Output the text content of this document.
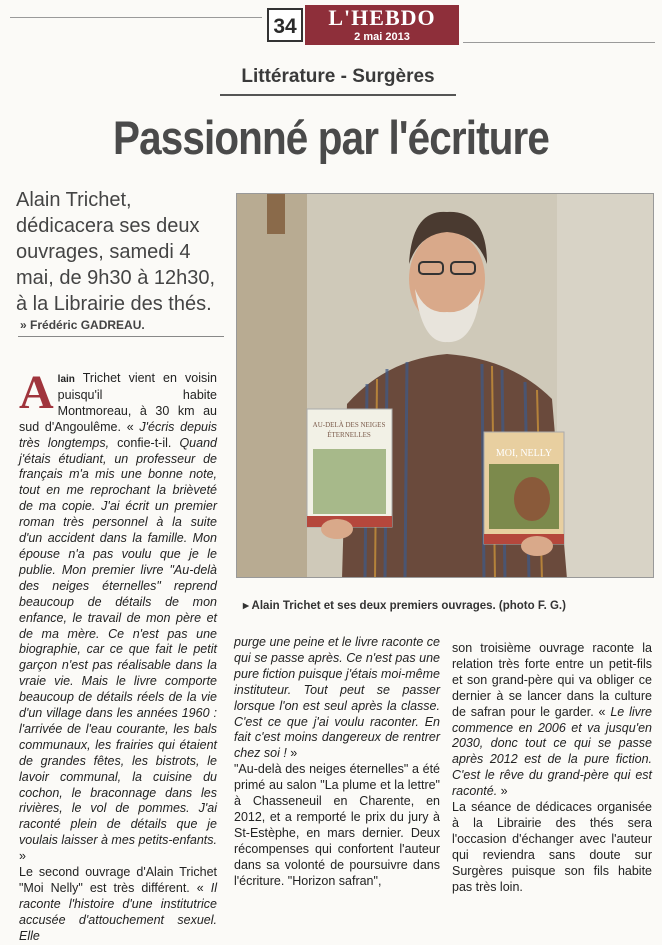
34	L'HEBDO
2 mai 2013
Littérature - Surgères
Passionné par l'écriture
Alain Trichet, dédicacera ses deux ouvrages, samedi 4 mai, de 9h30 à 12h30, à la Librairie des thés.
» Frédéric GADREAU.
AU-DELÀ DES NEIGES
ÉTERNELLES
MOI, NELLY
▸ Alain Trichet et ses deux premiers ouvrages. (photo F. G.)

Alain Trichet vient en voisin puisqu'il habite Montmoreau, à 30 km au sud d'Angoulême. « J'écris depuis très longtemps, confie-t-il. Quand j'étais étudiant, un professeur de français m'a mis une bonne note, tout en me reprochant la brièveté de ma copie. J'ai écrit un premier roman très personnel à la suite d'un accident dans la famille. Mon épouse n'a pas voulu que je le publie. Mon premier livre "Au-delà des neiges éternelles" reprend beaucoup de détails de mon enfance, le travail de mon père et de ma mère. Ce n'est pas une biographie, car ce que fait le petit garçon n'est pas réalisable dans la vraie vie. Mais le livre comporte beaucoup de détails réels de la vie d'un village dans les années 1960 : l'arrivée de l'eau courante, les bals communaux, les frairies qui étaient de grandes fêtes, les bistrots, le lavoir communal, la cuisine du cochon, le braconnage dans les rivières, le vol de pommes. J'ai raconté plein de détails que je voulais laisser à mes petits-enfants. »

Le second ouvrage d'Alain Trichet "Moi Nelly" est très différent. « Il raconte l'histoire d'une institutrice accusée d'attouchement sexuel. Elle

purge une peine et le livre raconte ce qui se passe après. Ce n'est pas une pure fiction puisque j'étais moi-même instituteur. Tout peut se passer lorsque l'on est seul après la classe. C'est ce que j'ai voulu raconter. En fait c'est moins dangereux de rentrer chez soi ! »

"Au-delà des neiges éternelles" a été primé au salon "La plume et la lettre" à Chasseneuil en Charente, en 2012, et a remporté le prix du jury à St-Estèphe, en mars dernier. Deux récompenses qui confortent l'auteur dans sa volonté de poursuivre dans l'écriture. "Horizon safran",

son troisième ouvrage raconte la relation très forte entre un petit-fils et son grand-père qui va obliger ce dernier à se lancer dans la culture de safran pour le garder. « Le livre commence en 2006 et va jusqu'en 2030, donc tout ce qui se passe après 2012 est de la pure fiction. C'est le rêve du grand-père qui est raconté. »

La séance de dédicaces organisée à la Librairie des thés sera l'occasion d'échanger avec l'auteur qui reviendra sans doute sur Surgères puisque son fils habite pas très loin.
